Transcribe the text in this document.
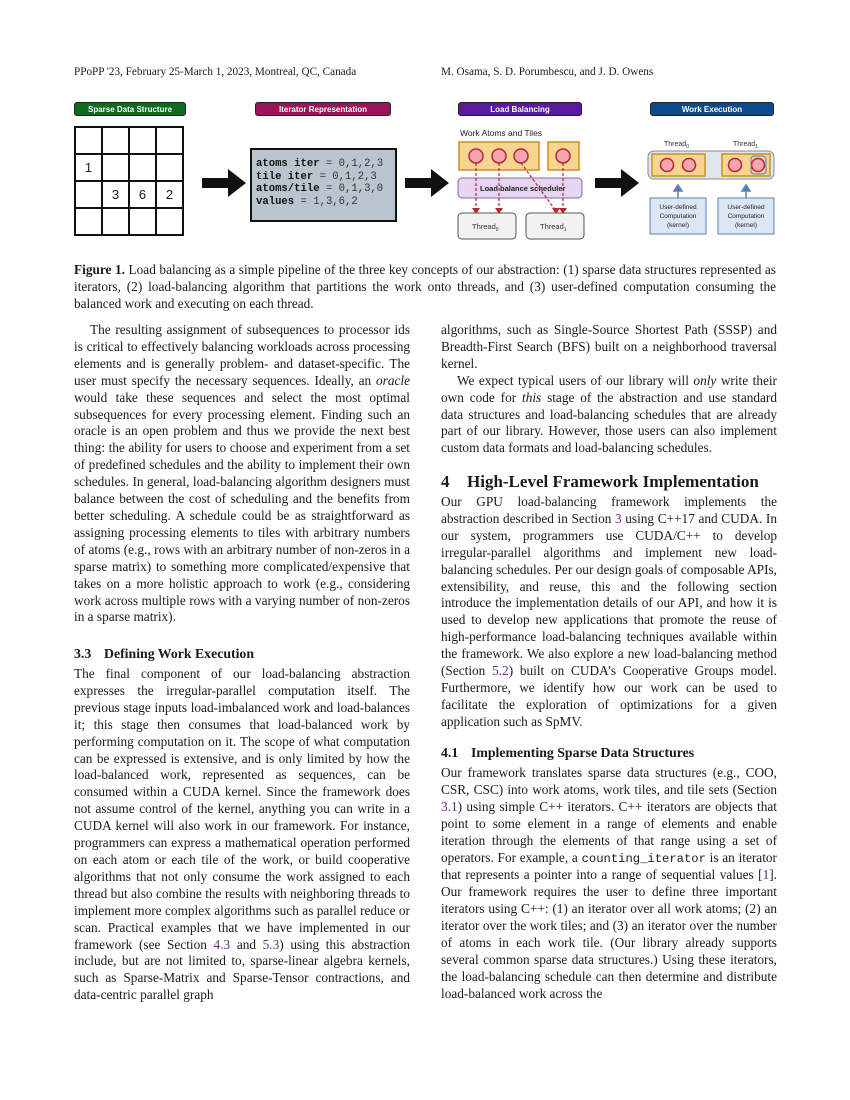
PPoPP '23, February 25-March 1, 2023, Montreal, QC, Canada	M. Osama, S. D. Porumbescu, and J. D. Owens
Sparse Data Structure	Iterator Representation	Load Balancing	Work Execution

1			
	3	6	2

atoms iter = 0,1,2,3
tile iter = 0,1,2,3
atoms/tile = 0,1,3,0
values = 1,3,6,2
Work Atoms and Tiles
Load balance scheduler
Thread$_0$	Thread$_1$
Thread$_0$	Thread$_1$
User-defined
Computation
(kernel)
User-defined
Computation
(kernel)
Figure 1. Load balancing as a simple pipeline of the three key concepts of our abstraction: (1) sparse data structures represented as iterators, (2) load-balancing algorithm that partitions the work onto threads, and (3) user-defined computation consuming the balanced work and executing on each thread.

The resulting assignment of subsequences to processor ids is critical to effectively balancing workloads across processing elements and is generally problem- and dataset-specific. The user must specify the necessary sequences. Ideally, an oracle would take these sequences and select the most optimal subsequences for every processing element. Finding such an oracle is an open problem and thus we provide the next best thing: the ability for users to choose and experiment from a set of predefined schedules and the ability to implement their own schedules. In general, load-balancing algorithm designers must balance between the cost of scheduling and the benefits from better scheduling. A schedule could be as straightforward as assigning processing elements to tiles with arbitrary numbers of atoms (e.g., rows with an arbitrary number of non-zeros in a sparse matrix) to something more complicated/expensive that takes on a more holistic approach to work (e.g., considering work across multiple rows with a varying number of non-zeros in a sparse matrix).

3.3 Defining Work Execution

The final component of our load-balancing abstraction expresses the irregular-parallel computation itself. The previous stage inputs load-imbalanced work and load-balances it; this stage then consumes that load-balanced work by performing computation on it. The scope of what computation can be expressed is extensive, and is only limited by how the load-balanced work, represented as sequences, can be consumed within a CUDA kernel. Since the framework does not assume control of the kernel, anything you can write in a CUDA kernel will also work in our framework. For instance, programmers can express a mathematical operation performed on each atom or each tile of the work, or build cooperative algorithms that not only consume the work assigned to each thread but also combine the results with neighboring threads to implement more complex algorithms such as parallel reduce or scan. Practical examples that we have implemented in our framework (see Section 4.3 and 5.3) using this abstraction include, but are not limited to, sparse-linear algebra kernels, such as Sparse-Matrix and Sparse-Tensor contractions, and data-centric parallel graph

algorithms, such as Single-Source Shortest Path (SSSP) and Breadth-First Search (BFS) built on a neighborhood traversal kernel.

We expect typical users of our library will only write their own code for this stage of the abstraction and use standard data structures and load-balancing schedules that are already part of our library. However, those users can also implement custom data formats and load-balancing schedules.

4 High-Level Framework Implementation

Our GPU load-balancing framework implements the abstraction described in Section 3 using C++17 and CUDA. In our system, programmers use CUDA/C++ to develop irregular-parallel algorithms and implement new load-balancing schedules. Per our design goals of composable APIs, extensibility, and reuse, this and the following section introduce the implementation details of our API, and how it is used to develop new applications that promote the reuse of high-performance load-balancing techniques available within the framework. We also explore a new load-balancing method (Section 5.2) built on CUDA’s Cooperative Groups model. Furthermore, we identify how our work can be used to facilitate the exploration of optimizations for a given application such as SpMV.

4.1 Implementing Sparse Data Structures

Our framework translates sparse data structures (e.g., COO, CSR, CSC) into work atoms, work tiles, and tile sets (Section 3.1) using simple C++ iterators. C++ iterators are objects that point to some element in a range of elements and enable iteration through the elements of that range using a set of operators. For example, a counting_iterator is an iterator that represents a pointer into a range of sequential values [1]. Our framework requires the user to define three important iterators using C++: (1) an iterator over all work atoms; (2) an iterator over the work tiles; and (3) an iterator over the number of atoms in each work tile. (Our library already supports several common sparse data structures.) Using these iterators, the load-balancing schedule can then determine and distribute load-balanced work across the
